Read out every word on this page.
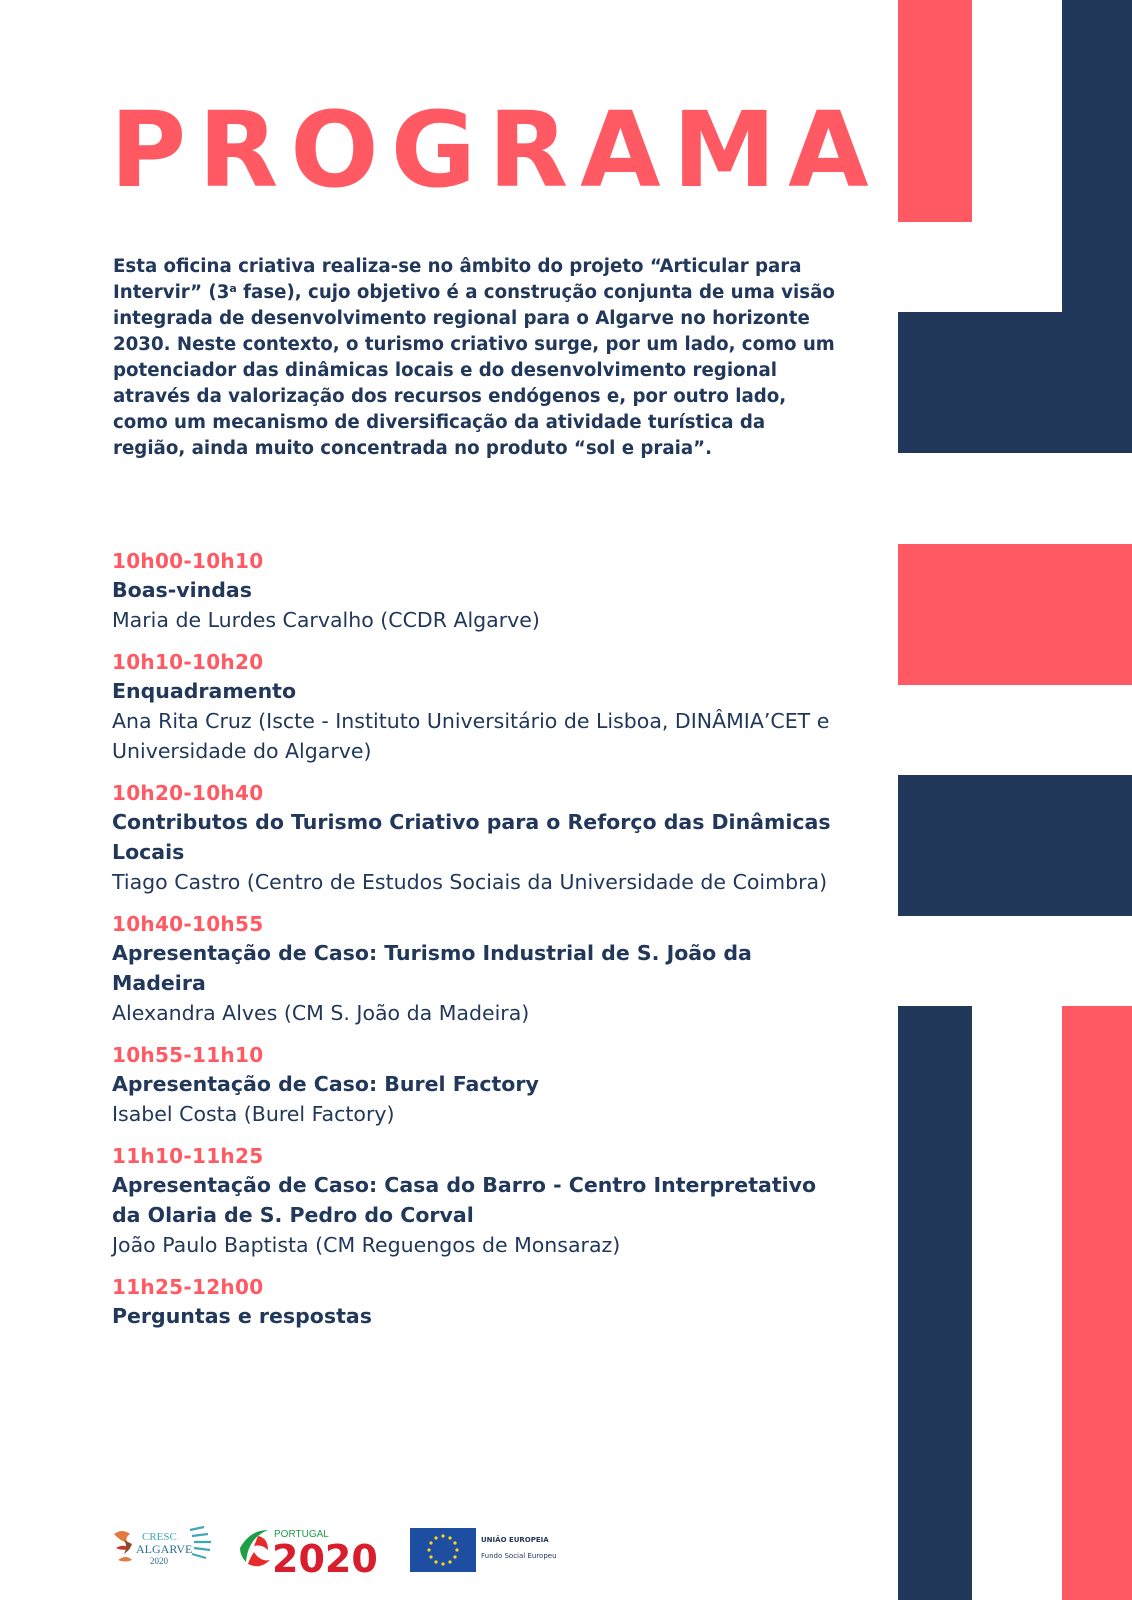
PROGRAMA

Esta oficina criativa realiza-se no âmbito do projeto “Articular para Intervir” (3$^a$ fase), cujo objetivo é a construção conjunta de uma visão integrada de desenvolvimento regional para o Algarve no horizonte 2030. Neste contexto, o turismo criativo surge, por um lado, como um potenciador das dinâmicas locais e do desenvolvimento regional através da valorização dos recursos endógenos e, por outro lado, como um mecanismo de diversificação da atividade turística da região, ainda muito concentrada no produto “sol e praia”.

10h00-10h10
Boas-vindas
Maria de Lurdes Carvalho (CCDR Algarve)
10h10-10h20
Enquadramento
Ana Rita Cruz (Iscte - Instituto Universitário de Lisboa, DINÂMIA’CET e Universidade do Algarve)
10h20-10h40
Contributos do Turismo Criativo para o Reforço das Dinâmicas Locais
Tiago Castro (Centro de Estudos Sociais da Universidade de Coimbra)
10h40-10h55
Apresentação de Caso: Turismo Industrial de S. João da Madeira
Alexandra Alves (CM S. João da Madeira)
10h55-11h10
Apresentação de Caso: Burel Factory
Isabel Costa (Burel Factory)
11h10-11h25
Apresentação de Caso: Casa do Barro - Centro Interpretativo da Olaria de S. Pedro do Corval
João Paulo Baptista (CM Reguengos de Monsaraz)
11h25-12h00
Perguntas e respostas
CRESC
ALGARVE
2020
PORTUGAL
2020	UNIÃO EUROPEIA
Fundo Social Europeu
